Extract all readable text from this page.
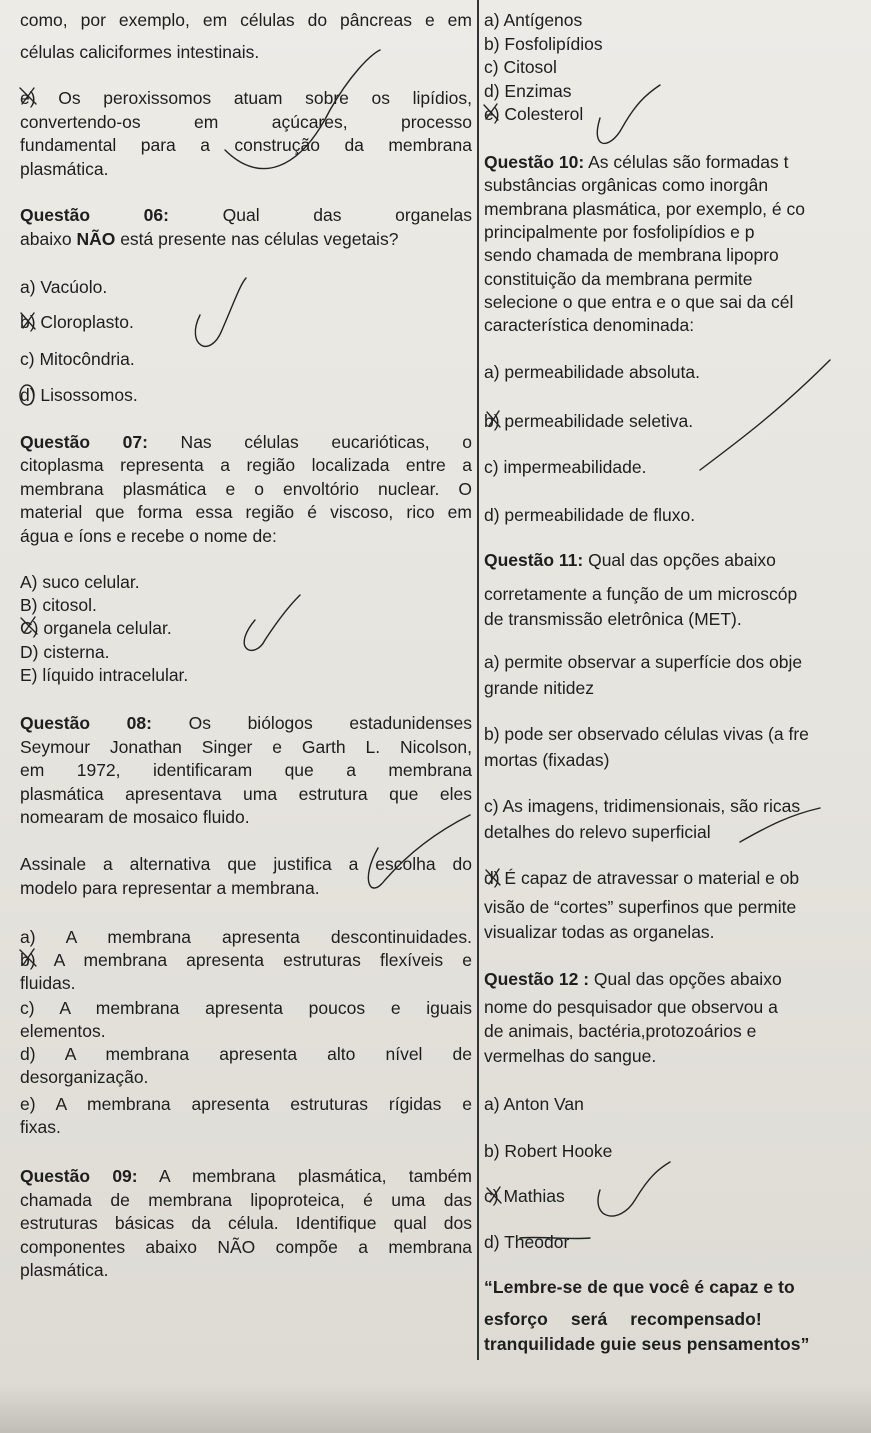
como, por exemplo, em células do pâncreas e em
células caliciformes intestinais.
e) Os peroxissomos atuam sobre os lipídios,
convertendo-os em açúcares, processo
fundamental para a construção da membrana
plasmática.
Questão 06: Qual das organelas
abaixo NÃO está presente nas células vegetais?
a) Vacúolo.
b) Cloroplasto.
c) Mitocôndria.
d) Lisossomos.
Questão 07: Nas células eucarióticas, o
citoplasma representa a região localizada entre a
membrana plasmática e o envoltório nuclear. O
material que forma essa região é viscoso, rico em
água e íons e recebe o nome de:
A) suco celular.
B) citosol.
C) organela celular.
D) cisterna.
E) líquido intracelular.
Questão 08: Os biólogos estadunidenses
Seymour Jonathan Singer e Garth L. Nicolson,
em 1972, identificaram que a membrana
plasmática apresentava uma estrutura que eles
nomearam de mosaico fluido.
Assinale a alternativa que justifica a escolha do
modelo para representar a membrana.
a) A membrana apresenta descontinuidades.
b) A membrana apresenta estruturas flexíveis e
fluidas.
c) A membrana apresenta poucos e iguais
elementos.
d) A membrana apresenta alto nível de
desorganização.
e) A membrana apresenta estruturas rígidas e
fixas.
Questão 09: A membrana plasmática, também
chamada de membrana lipoproteica, é uma das
estruturas básicas da célula. Identifique qual dos
componentes abaixo NÃO compõe a membrana
plasmática.
a) Antígenos
b) Fosfolipídios
c) Citosol
d) Enzimas
e) Colesterol
Questão 10: As células são formadas t
substâncias orgânicas como inorgân
membrana plasmática, por exemplo, é co
principalmente por fosfolipídios e p
sendo chamada de membrana lipopro
constituição da membrana permite
selecione o que entra e o que sai da cél
característica denominada:
a) permeabilidade absoluta.
b) permeabilidade seletiva.
c) impermeabilidade.
d) permeabilidade de fluxo.
Questão 11: Qual das opções abaixo
corretamente a função de um microscóp
de transmissão eletrônica (MET).
a) permite observar a superfície dos obje
grande nitidez
b) pode ser observado células vivas (a fre
mortas (fixadas)
c) As imagens, tridimensionais, são ricas
detalhes do relevo superficial
d) É capaz de atravessar o material e ob
visão de “cortes” superfinos que permite
visualizar todas as organelas.
Questão 12 : Qual das opções abaixo
nome do pesquisador que observou a
de animais, bactéria,protozoários e
vermelhas do sangue.
a) Anton Van
b) Robert Hooke
c) Mathias
d) Theodor
“Lembre-se de que você é capaz e to
esforço será recompensado!
tranquilidade guie seus pensamentos”
